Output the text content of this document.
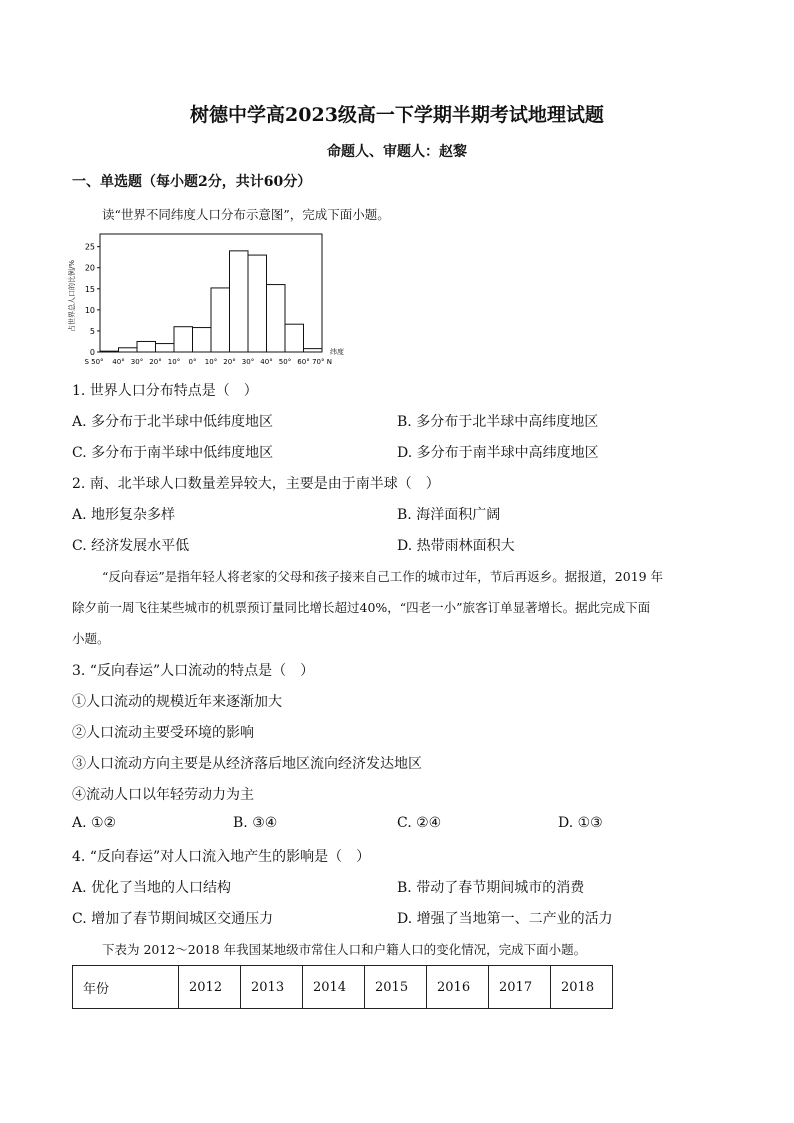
树德中学高2023级高一下学期半期考试地理试题
命题人、审题人：赵黎
一、单选题（每小题2分，共计60分）
读“世界不同纬度人口分布示意图”，完成下面小题。
0
5
10
15
20
25
S 50° 40° 30° 20° 10° 0° 10° 20° 30° 40° 50° 60° 70° N
占世界总人口的比例/%
纬度
1. 世界人口分布特点是（　）
A. 多分布于北半球中低纬度地区	B. 多分布于北半球中高纬度地区
C. 多分布于南半球中低纬度地区	D. 多分布于南半球中高纬度地区
2. 南、北半球人口数量差异较大，主要是由于南半球（　）
A. 地形复杂多样	B. 海洋面积广阔
C. 经济发展水平低	D. 热带雨林面积大
“反向春运”是指年轻人将老家的父母和孩子接来自己工作的城市过年，节后再返乡。据报道，2019 年
除夕前一周飞往某些城市的机票预订量同比增长超过40%，“四老一小”旅客订单显著增长。据此完成下面
小题。
3. “反向春运”人口流动的特点是（　）
①人口流动的规模近年来逐渐加大
②人口流动主要受环境的影响
③人口流动方向主要是从经济落后地区流向经济发达地区
④流动人口以年轻劳动力为主
A. ①②	B. ③④	C. ②④	D. ①③
4. “反向春运”对人口流入地产生的影响是（　）
A. 优化了当地的人口结构	B. 带动了春节期间城市的消费
C. 增加了春节期间城区交通压力	D. 增强了当地第一、二产业的活力
下表为 2012～2018 年我国某地级市常住人口和户籍人口的变化情况，完成下面小题。
年份	2012	2013	2014	2015	2016	2017	2018
